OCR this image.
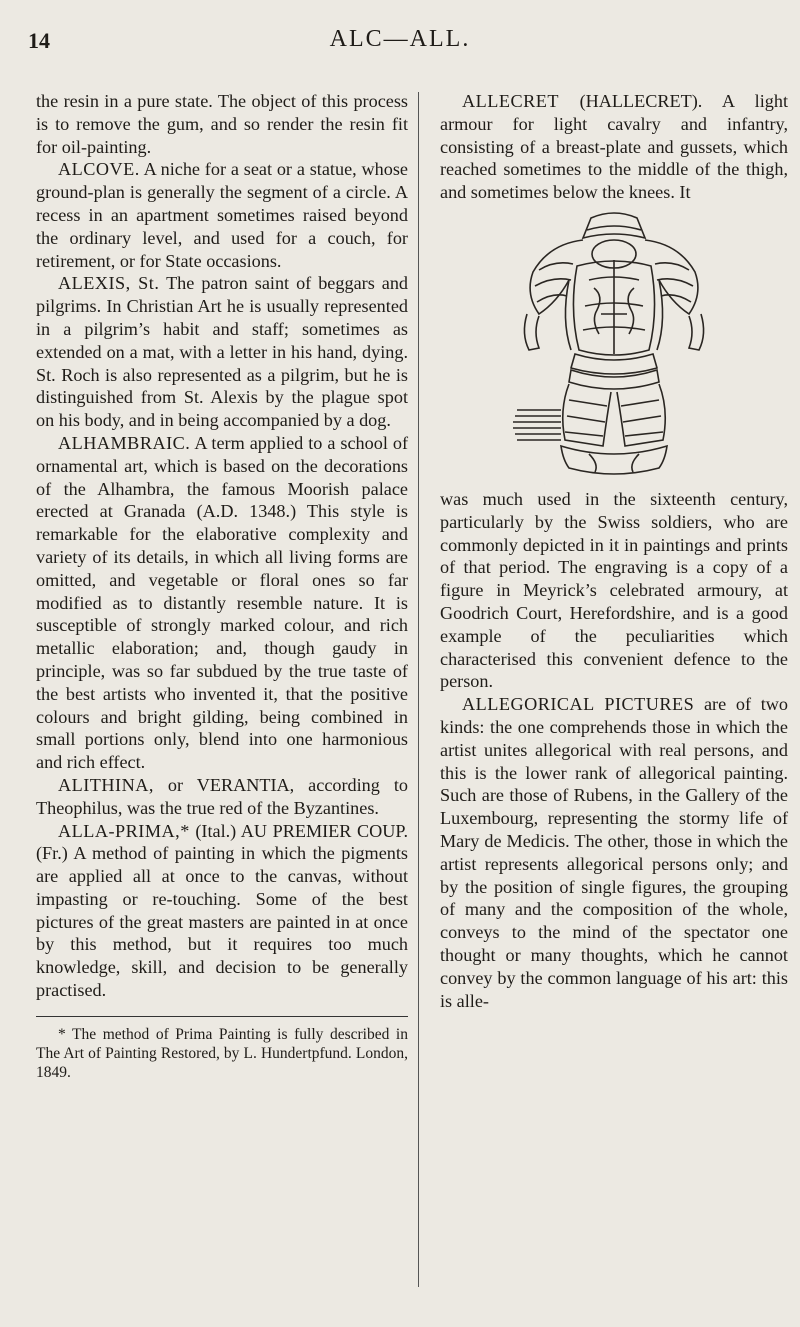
14	ALC—ALL.

the resin in a pure state. The object of this process is to remove the gum, and so render the resin fit for oil-painting.

ALCOVE. A niche for a seat or a statue, whose ground-plan is generally the segment of a circle. A recess in an apartment sometimes raised beyond the ordinary level, and used for a couch, for retirement, or for State occasions.

ALEXIS, St. The patron saint of beggars and pilgrims. In Christian Art he is usually represented in a pilgrim’s habit and staff; sometimes as extended on a mat, with a letter in his hand, dying. St. Roch is also represented as a pilgrim, but he is distinguished from St. Alexis by the plague spot on his body, and in being accompanied by a dog.

ALHAMBRAIC. A term applied to a school of ornamental art, which is based on the decorations of the Alhambra, the famous Moorish palace erected at Granada (A.D. 1348.) This style is remarkable for the elaborative complexity and variety of its details, in which all living forms are omitted, and vegetable or floral ones so far modified as to distantly resemble nature. It is susceptible of strongly marked colour, and rich metallic elaboration; and, though gaudy in principle, was so far subdued by the true taste of the best artists who invented it, that the positive colours and bright gilding, being combined in small portions only, blend into one harmonious and rich effect.

ALITHINA, or VERANTIA, according to Theophilus, was the true red of the Byzantines.

ALLA-PRIMA,* (Ital.) AU PREMIER COUP. (Fr.) A method of painting in which the pigments are applied all at once to the canvas, without impasting or re-touching. Some of the best pictures of the great masters are painted in at once by this method, but it requires too much knowledge, skill, and decision to be generally practised.

* The method of Prima Painting is fully described in The Art of Painting Restored, by L. Hundertpfund. London, 1849.

ALLECRET (HALLECRET). A light armour for light cavalry and infantry, consisting of a breast-plate and gussets, which reached sometimes to the middle of the thigh, and sometimes below the knees. It

was much used in the sixteenth century, particularly by the Swiss soldiers, who are commonly depicted in it in paintings and prints of that period. The engraving is a copy of a figure in Meyrick’s celebrated armoury, at Goodrich Court, Herefordshire, and is a good example of the peculiarities which characterised this convenient defence to the person.

ALLEGORICAL PICTURES are of two kinds: the one comprehends those in which the artist unites allegorical with real persons, and this is the lower rank of allegorical painting. Such are those of Rubens, in the Gallery of the Luxembourg, representing the stormy life of Mary de Medicis. The other, those in which the artist represents allegorical persons only; and by the position of single figures, the grouping of many and the composition of the whole, conveys to the mind of the spectator one thought or many thoughts, which he cannot convey by the common language of his art: this is alle-
